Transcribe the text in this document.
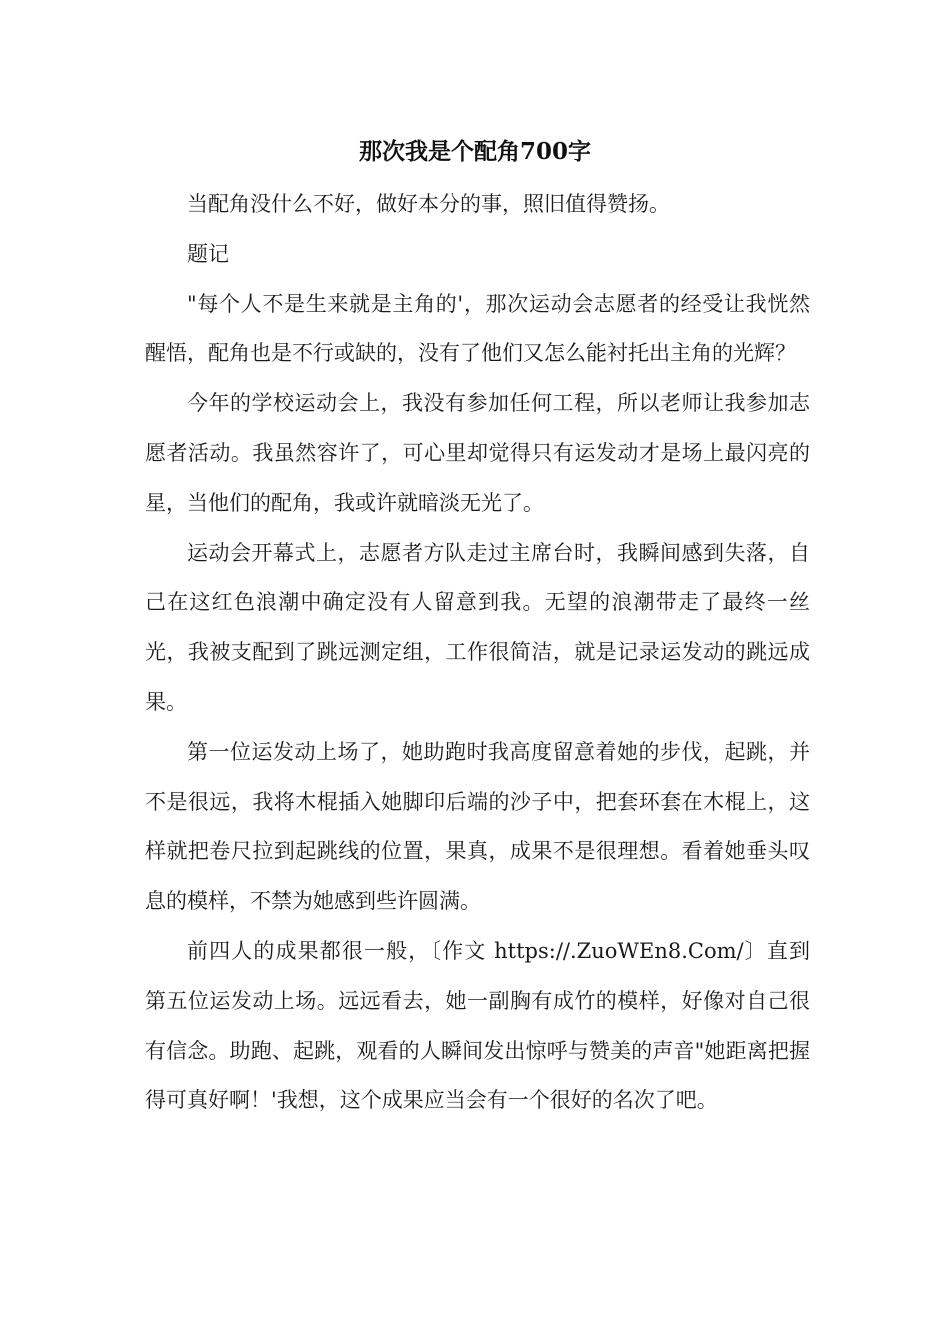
那次我是个配角700字

当配角没什么不好，做好本分的事，照旧值得赞扬。

题记

"每个人不是生来就是主角的'，那次运动会志愿者的经受让我恍然醒悟，配角也是不行或缺的，没有了他们又怎么能衬托出主角的光辉？

今年的学校运动会上，我没有参加任何工程，所以老师让我参加志愿者活动。我虽然容许了，可心里却觉得只有运发动才是场上最闪亮的星，当他们的配角，我或许就暗淡无光了。

运动会开幕式上，志愿者方队走过主席台时，我瞬间感到失落，自己在这红色浪潮中确定没有人留意到我。无望的浪潮带走了最终一丝光，我被支配到了跳远测定组，工作很简洁，就是记录运发动的跳远成果。

第一位运发动上场了，她助跑时我高度留意着她的步伐，起跳，并不是很远，我将木棍插入她脚印后端的沙子中，把套环套在木棍上，这样就把卷尺拉到起跳线的位置，果真，成果不是很理想。看着她垂头叹息的模样，不禁为她感到些许圆满。

前四人的成果都很一般，〔作文 https://.ZuoWEn8.Com/〕直到第五位运发动上场。远远看去，她一副胸有成竹的模样，好像对自己很有信念。助跑、起跳，观看的人瞬间发出惊呼与赞美的声音"她距离把握得可真好啊！'我想，这个成果应当会有一个很好的名次了吧。
